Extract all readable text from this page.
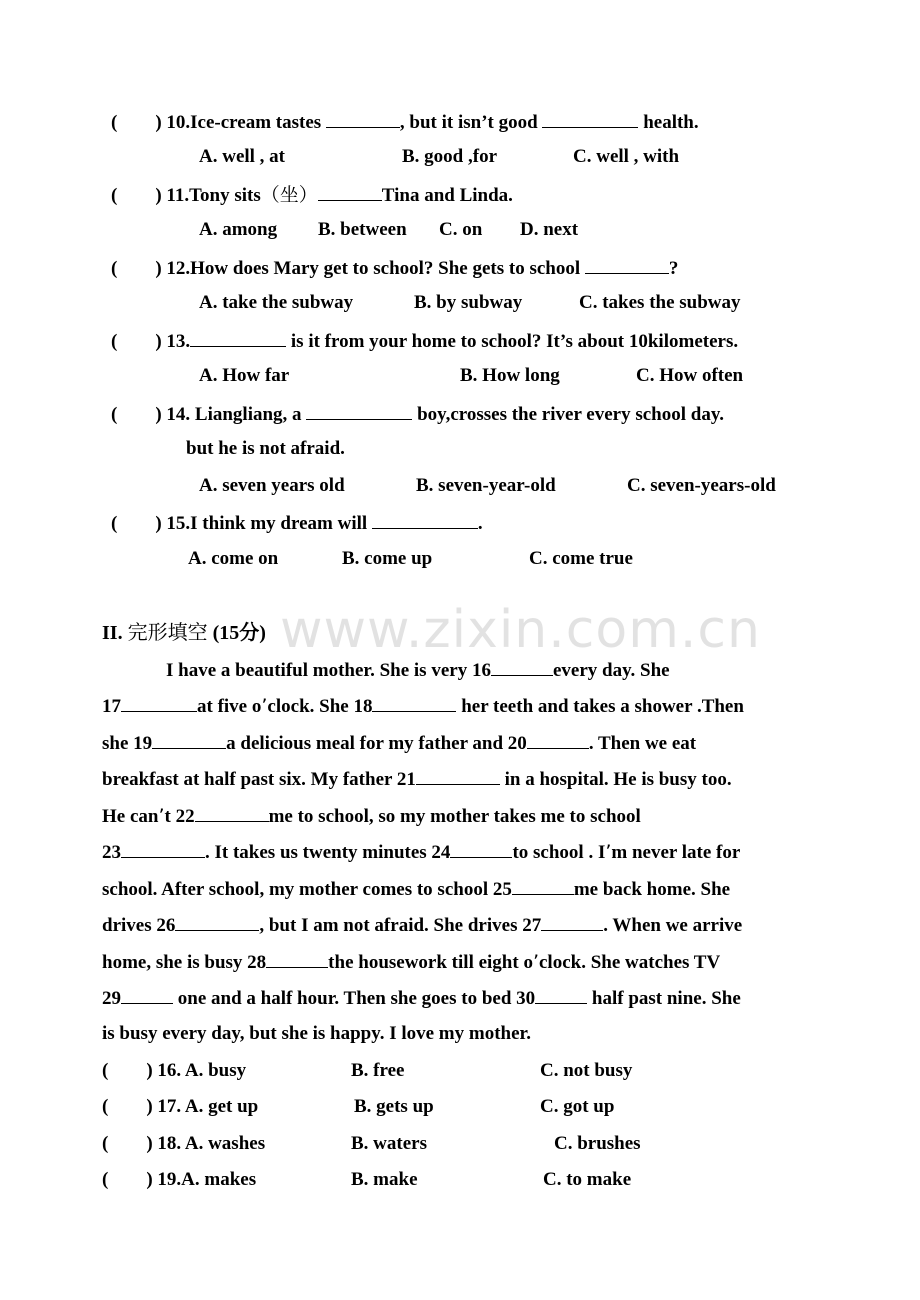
www.zixin.com.cn
(        ) 10.Ice-cream tastes	, but it isn’t good	health.
A. well , at	B. good ,for	C. well , with
(        ) 11.Tony sits（坐）	Tina and Linda.
A. among B. between C. on D. next
(        ) 12.How does Mary get to school? She gets to school	?
A. take the subway	B. by subway	C. takes the subway
(        ) 13.	is it from your home to school? It’s about 10kilometers.
A. How far	B. How long	C. How often
(        ) 14. Liangliang, a	boy,crosses the river every school day.
but he is not afraid.
A. seven years old	B. seven-year-old	C. seven-years-old
(        ) 15.I think my dream will	.
A. come on	B. come up	C. come true
II. 完形填空 (15分)
I have a beautiful mother. She is very 16	every day. She
17	at five o’clock. She 18	her teeth and takes a shower .Then
she 19	a delicious meal for my father and 20	. Then we eat
breakfast at half past six. My father 21	in a hospital. He is busy too.
He can’t 22	me to school, so my mother takes me to school
23	. It takes us twenty minutes 24	to school . I’m never late for
school. After school, my mother comes to school 25	me back home. She
drives 26	, but I am not afraid. She drives 27	. When we arrive
home, she is busy 28	the housework till eight o’clock. She watches TV
29	one and a half hour. Then she goes to bed 30	half past nine. She
is busy every day, but she is happy. I love my mother.
(        ) 16. A. busy	B. free	C. not busy
(        ) 17. A. get up	B. gets up	C. got up
(        ) 18. A. washes	B. waters	C. brushes
(        ) 19.A. makes	B. make	C. to make
